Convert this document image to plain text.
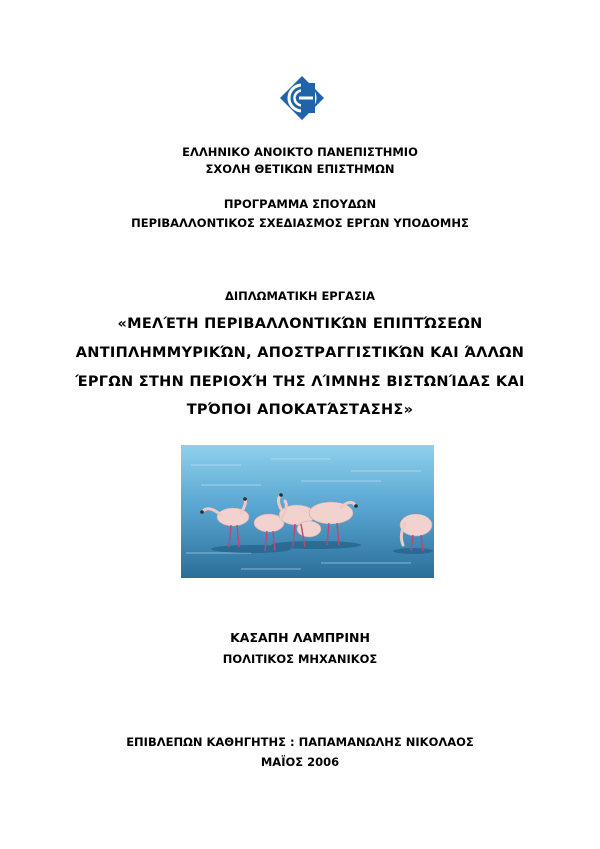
ΕΛΛΗΝΙΚΟ ΑΝΟΙΚΤΟ ΠΑΝΕΠΙΣΤΗΜΙΟ
ΣΧΟΛΗ ΘΕΤΙΚΩΝ ΕΠΙΣΤΗΜΩΝ
ΠΡΟΓΡΑΜΜΑ ΣΠΟΥΔΩΝ
ΠΕΡΙΒΑΛΛΟΝΤΙΚΟΣ ΣΧΕΔΙΑΣΜΟΣ ΕΡΓΩΝ ΥΠΟΔΟΜΗΣ
ΔΙΠΛΩΜΑΤΙΚΗ ΕΡΓΑΣΙΑ
«ΜΕΛΈΤΗ ΠΕΡΙΒΑΛΛΟΝΤΙΚΏΝ ΕΠΙΠΤΏΣΕΩΝ
ΑΝΤΙΠΛΗΜΜΥΡΙΚΏΝ, ΑΠΟΣΤΡΑΓΓΙΣΤΙΚΏΝ ΚΑΙ ΆΛΛΩΝ
ΈΡΓΩΝ ΣΤΗΝ ΠΕΡΙΟΧΉ ΤΗΣ ΛΊΜΝΗΣ ΒΙΣΤΩΝΊΔΑΣ ΚΑΙ
ΤΡΌΠΟΙ ΑΠΟΚΑΤΆΣΤΑΣΗΣ»
ΚΑΣΑΠΗ ΛΑΜΠΡΙΝΗ
ΠΟΛΙΤΙΚΟΣ ΜΗΧΑΝΙΚΟΣ
ΕΠΙΒΛΕΠΩΝ ΚΑΘΗΓΗΤΗΣ : ΠΑΠΑΜΑΝΩΛΗΣ ΝΙΚΟΛΑΟΣ
ΜΑΪΟΣ 2006
